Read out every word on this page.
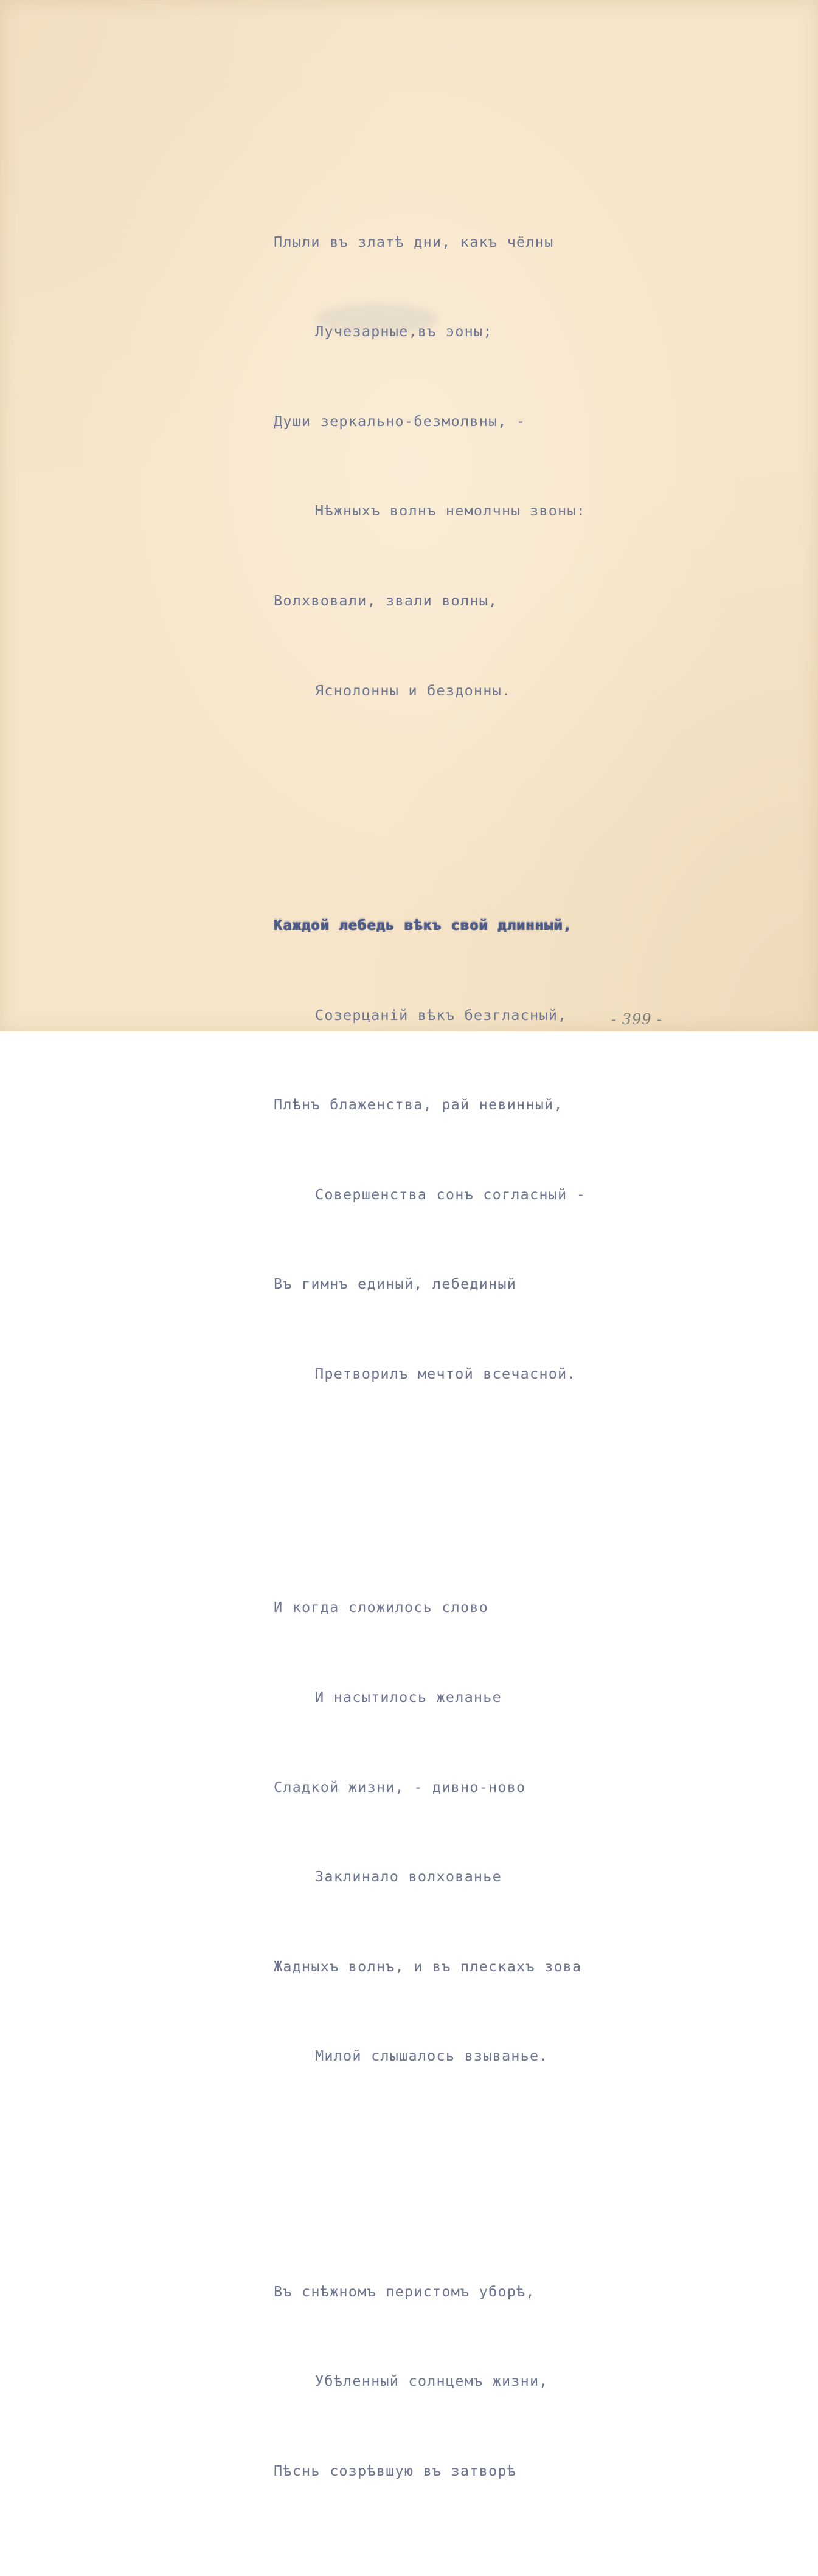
Плыли въ златѣ дни, какъ чёлны

Лучезарные,въ эоны;

Души зеркально-безмолвны, -

Нѣжныхъ волнъ немолчны звоны:

Волхвовали, звали волны,

Яснолонны и бездонны.

Каждой лебедь вѣкъ свой длинный,

Созерцаній вѣкъ безгласный,

Плѣнъ блаженства, рай невинный,

Совершенства сонъ согласный -

Въ гимнъ единый, лебединый

Претворилъ мечтой всечасной.

И когда сложилось слово

И насытилось желанье

Сладкой жизни, - дивно-ново

Заклинало волхованье

Жадныхъ волнъ, и въ плескахъ зова

Милой слышалось взыванье.

Въ снѣжномъ перистомъ уборѣ,

Убѣленный солнцемъ жизни,

Пѣснь созрѣвшую въ затворѣ

- 399 -
